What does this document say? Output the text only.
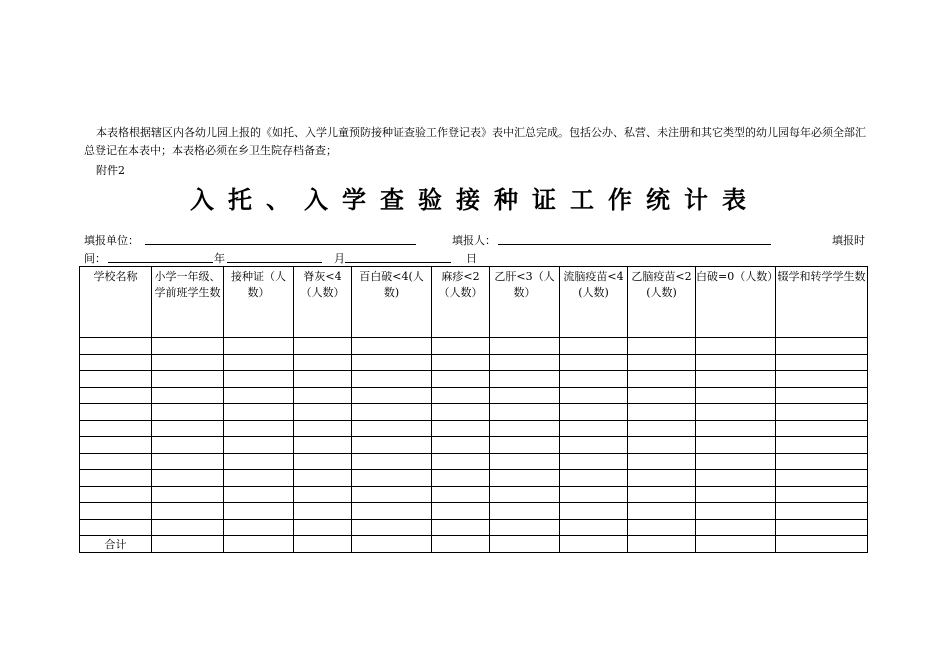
本表格根据辖区内各幼儿园上报的《如托、入学儿童预防接种证查验工作登记表》表中汇总完成。包括公办、私营、未注册和其它类型的幼儿园每年必须全部汇总登记在本表中；本表格必须在乡卫生院存档备查；
附件2
入托、入学查验接种证工作统计表
填报单位：	填报人：	填报时
间：	年	月	日
学校名称	小学一年级、学前班学生数	接种证（人数）	脊灰<4（人数）	百白破<4(人数)	麻疹<2（人数）	乙肝<3（人数）	流脑疫苗<4(人数)	乙脑疫苗<2(人数)	白破=0（人数）	辍学和转学学生数

合计										
